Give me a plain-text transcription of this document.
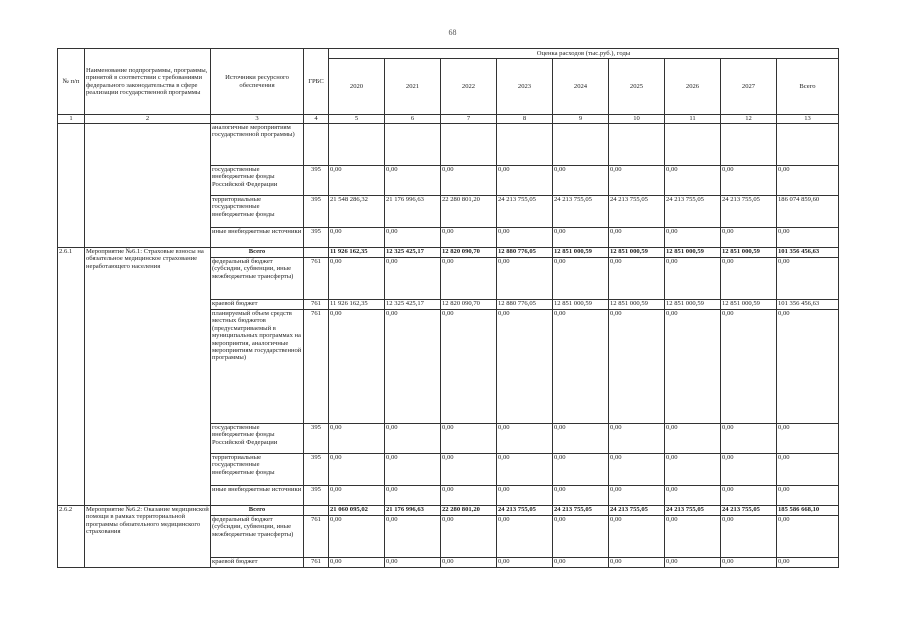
68
№ п/п	Наименование подпрограммы, программы, принятой в соответствии с требованиями федерального законодательства в сфере реализации государственной программы	Источники ресурсного обеспечения	ГРБС	Оценка расходов (тыс.руб.), годы								
				2020	2021	2022	2023	2024	2025	2026	2027	Всего
1	2	3	4	5	6	7	8	9	10	11	12	13
		аналогичные мероприятиям государственной программы)										
		государственные внебюджетные фонды Российской Федерации	395	0,00	0,00	0,00	0,00	0,00	0,00	0,00	0,00	0,00
		территориальные государственные внебюджетные фонды	395	21 548 286,32	21 176 996,63	22 280 801,20	24 213 755,05	24 213 755,05	24 213 755,05	24 213 755,05	24 213 755,05	186 074 859,60
		иные внебюджетные источники	395	0,00	0,00	0,00	0,00	0,00	0,00	0,00	0,00	0,00
2.6.1	Мероприятие №6.1: Страховые взносы на обязательное медицинское страхование неработающего населения	Всего		11 926 162,35	12 325 425,17	12 820 090,70	12 880 776,05	12 851 000,59	12 851 000,59	12 851 000,59	12 851 000,59	101 356 456,63
		федеральный бюджет (субсидии, субвенции, иные межбюджетные трансферты)	761	0,00	0,00	0,00	0,00	0,00	0,00	0,00	0,00	0,00
		краевой бюджет	761	11 926 162,35	12 325 425,17	12 820 090,70	12 880 776,05	12 851 000,59	12 851 000,59	12 851 000,59	12 851 000,59	101 356 456,63
		планируемый объем средств местных бюджетов (предусматриваемый в муниципальных программах на мероприятия, аналогичные мероприятиям государственной программы)	761	0,00	0,00	0,00	0,00	0,00	0,00	0,00	0,00	0,00
		государственные внебюджетные фонды Российской Федерации	395	0,00	0,00	0,00	0,00	0,00	0,00	0,00	0,00	0,00
		территориальные государственные внебюджетные фонды	395	0,00	0,00	0,00	0,00	0,00	0,00	0,00	0,00	0,00
		иные внебюджетные источники	395	0,00	0,00	0,00	0,00	0,00	0,00	0,00	0,00	0,00
2.6.2	Мероприятие №6.2: Оказание медицинской помощи в рамках территориальной программы обязательного медицинского страхования	Всего		21 060 095,02	21 176 996,63	22 280 801,20	24 213 755,05	24 213 755,05	24 213 755,05	24 213 755,05	24 213 755,05	185 586 668,10
		федеральный бюджет (субсидии, субвенции, иные межбюджетные трансферты)	761	0,00	0,00	0,00	0,00	0,00	0,00	0,00	0,00	0,00
		краевой бюджет	761	0,00	0,00	0,00	0,00	0,00	0,00	0,00	0,00	0,00
